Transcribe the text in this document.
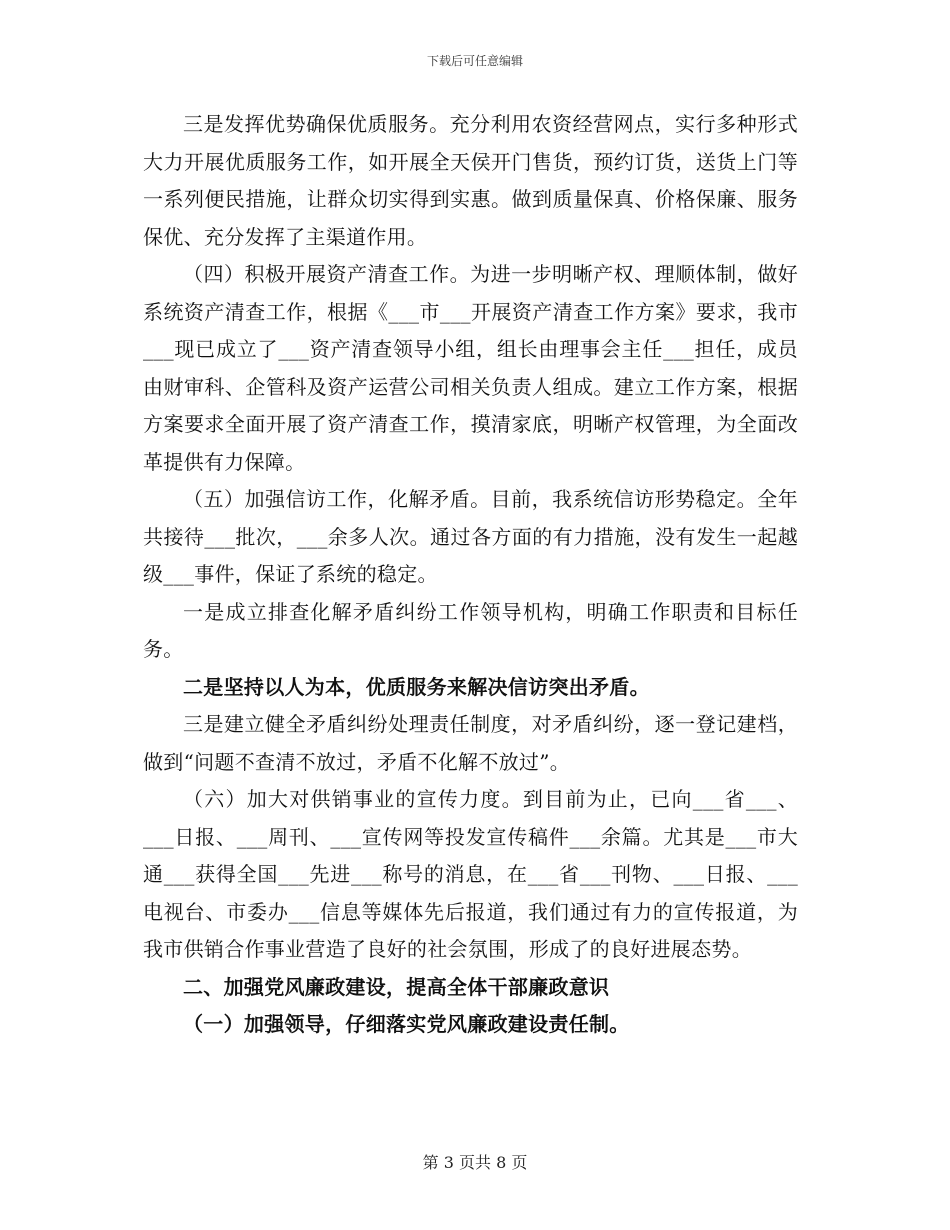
下载后可任意编辑

三是发挥优势确保优质服务。充分利用农资经营网点，实行多种形式大力开展优质服务工作，如开展全天侯开门售货，预约订货，送货上门等一系列便民措施，让群众切实得到实惠。做到质量保真、价格保廉、服务保优、充分发挥了主渠道作用。

（四）积极开展资产清查工作。为进一步明晰产权、理顺体制，做好系统资产清查工作，根据《___市___开展资产清查工作方案》要求，我市___现已成立了___资产清查领导小组，组长由理事会主任___担任，成员由财审科、企管科及资产运营公司相关负责人组成。建立工作方案，根据方案要求全面开展了资产清查工作，摸清家底，明晰产权管理，为全面改革提供有力保障。

（五）加强信访工作，化解矛盾。目前，我系统信访形势稳定。全年共接待___批次，___余多人次。通过各方面的有力措施，没有发生一起越级___事件，保证了系统的稳定。

一是成立排查化解矛盾纠纷工作领导机构，明确工作职责和目标任务。

二是坚持以人为本，优质服务来解决信访突出矛盾。

三是建立健全矛盾纠纷处理责任制度，对矛盾纠纷，逐一登记建档，做到“问题不查清不放过，矛盾不化解不放过”。

（六）加大对供销事业的宣传力度。到目前为止，已向___省___、___日报、___周刊、___宣传网等投发宣传稿件___余篇。尤其是___市大通___获得全国___先进___称号的消息，在___省___刊物、___日报、___电视台、市委办___信息等媒体先后报道，我们通过有力的宣传报道，为我市供销合作事业营造了良好的社会氛围，形成了的良好进展态势。

二、加强党风廉政建设，提高全体干部廉政意识

（一）加强领导，仔细落实党风廉政建设责任制。

第 3 页共 8 页
